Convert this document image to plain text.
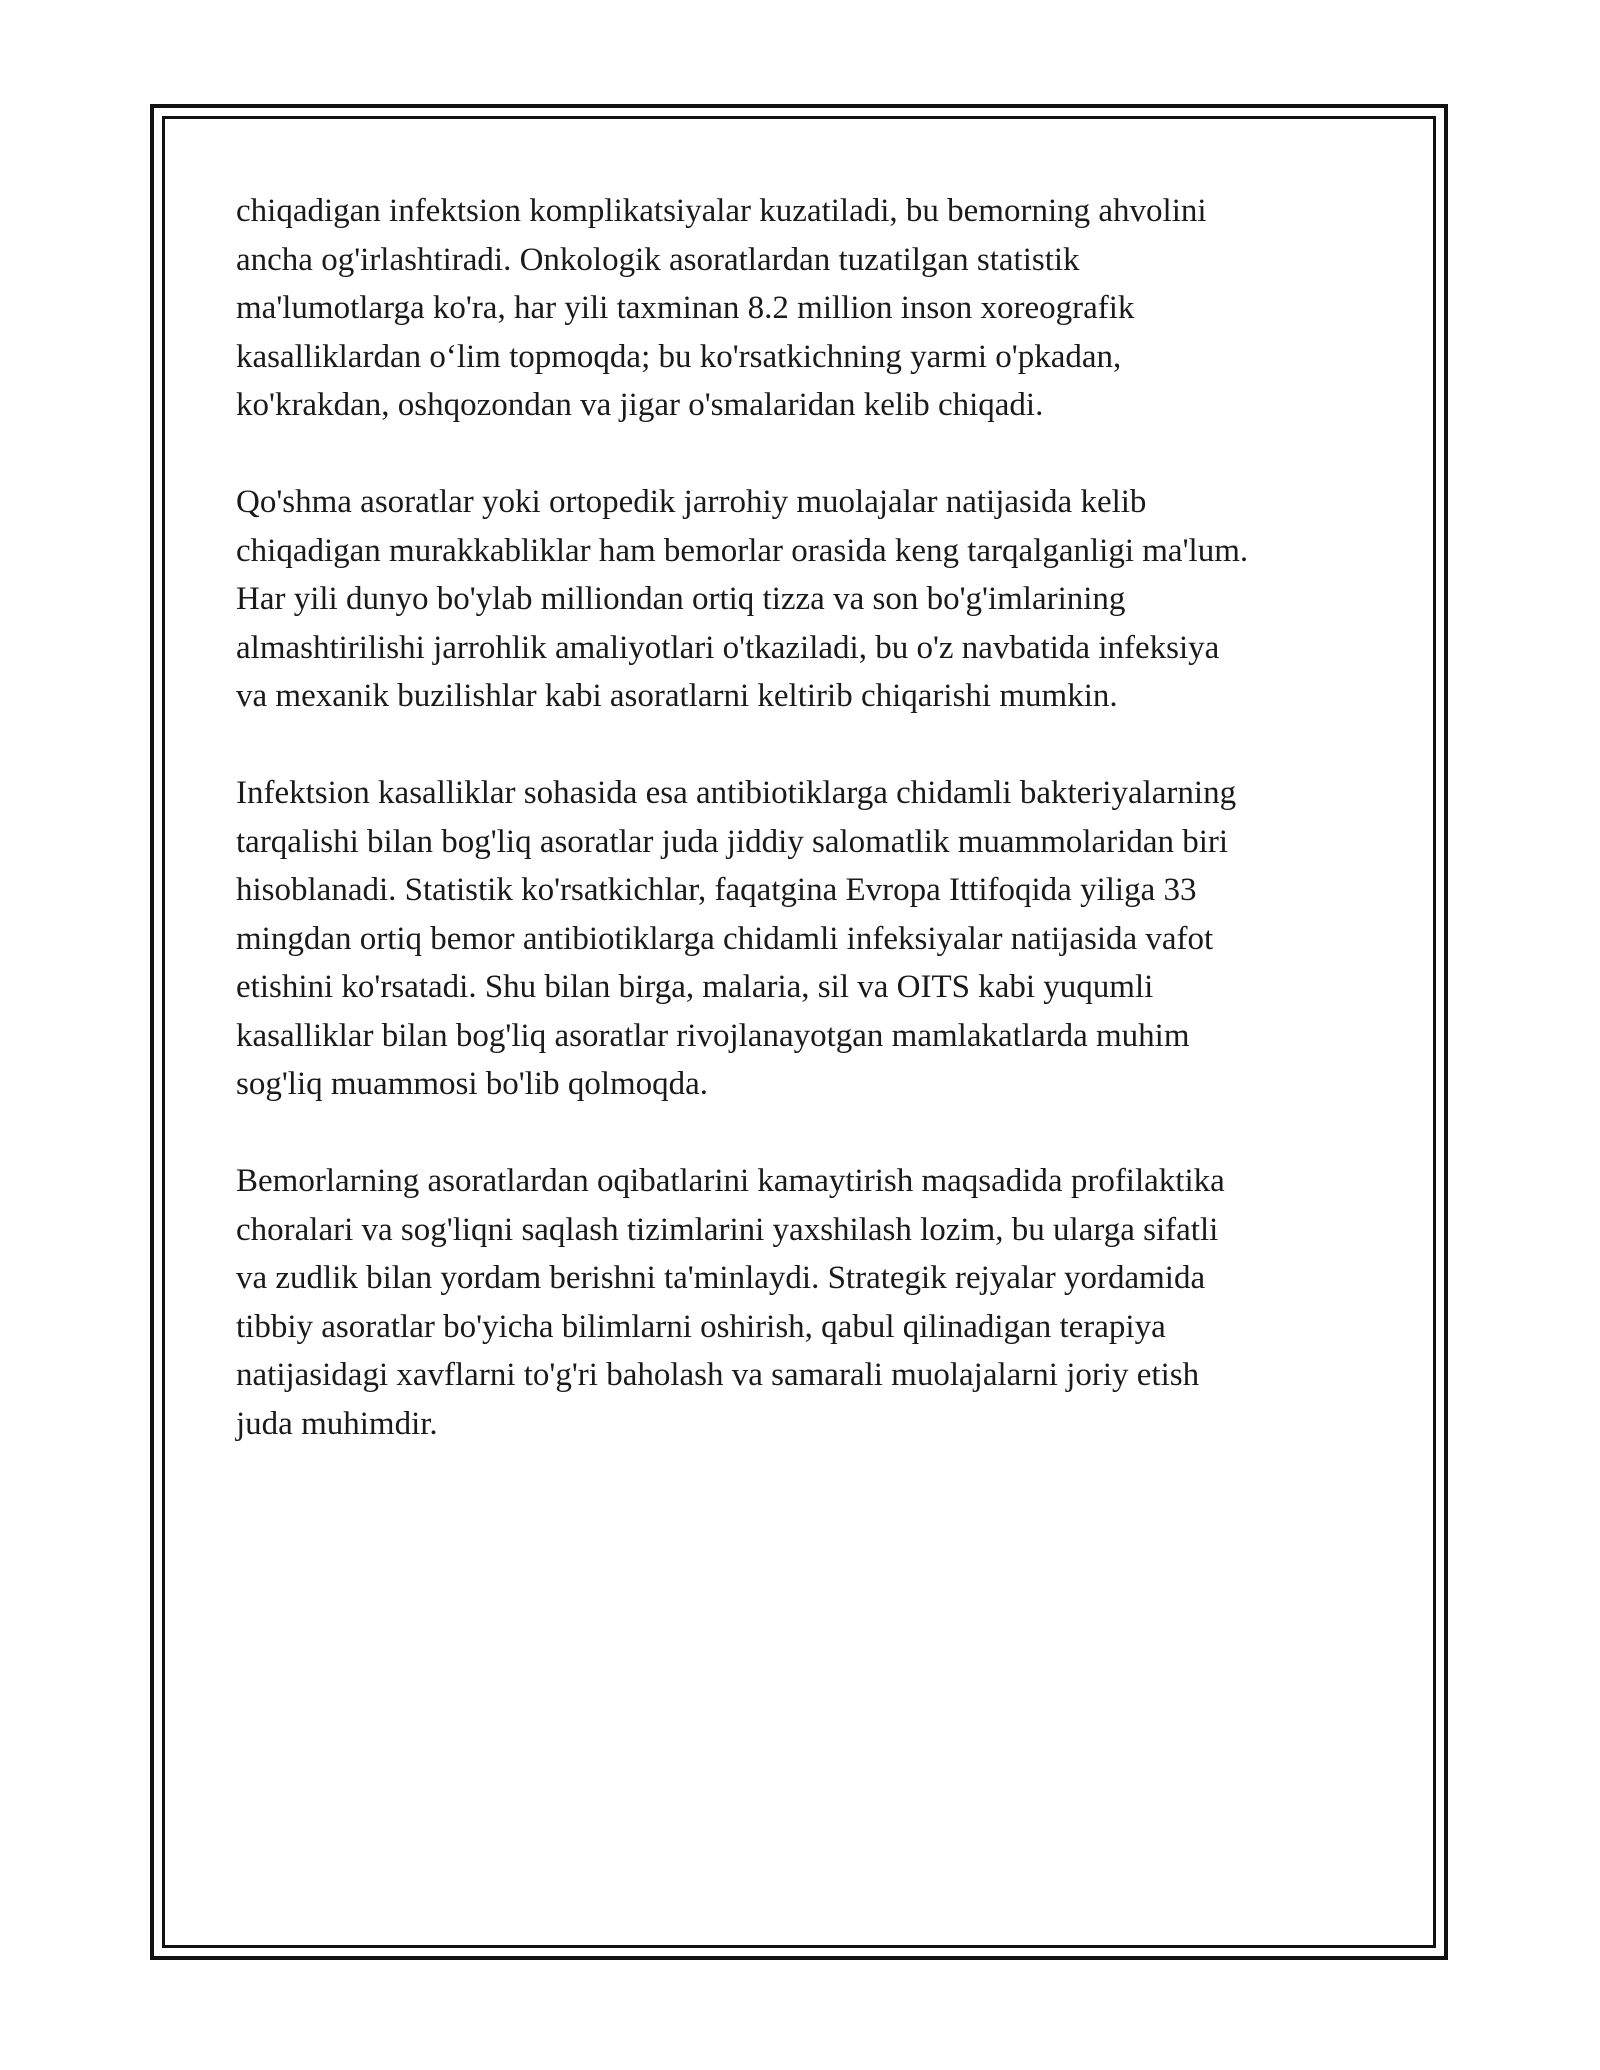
chiqadigan infektsion komplikatsiyalar kuzatiladi, bu bemorning ahvolini
ancha og'irlashtiradi. Onkologik asoratlardan tuzatilgan statistik
ma'lumotlarga ko'ra, har yili taxminan 8.2 million inson xoreografik
kasalliklardan oʻlim topmoqda; bu ko'rsatkichning yarmi o'pkadan,
ko'krakdan, oshqozondan va jigar o'smalaridan kelib chiqadi.

Qo'shma asoratlar yoki ortopedik jarrohiy muolajalar natijasida kelib
chiqadigan murakkabliklar ham bemorlar orasida keng tarqalganligi ma'lum.
Har yili dunyo bo'ylab milliondan ortiq tizza va son bo'g'imlarining
almashtirilishi jarrohlik amaliyotlari o'tkaziladi, bu o'z navbatida infeksiya
va mexanik buzilishlar kabi asoratlarni keltirib chiqarishi mumkin.

Infektsion kasalliklar sohasida esa antibiotiklarga chidamli bakteriyalarning
tarqalishi bilan bog'liq asoratlar juda jiddiy salomatlik muammolaridan biri
hisoblanadi. Statistik ko'rsatkichlar, faqatgina Evropa Ittifoqida yiliga 33
mingdan ortiq bemor antibiotiklarga chidamli infeksiyalar natijasida vafot
etishini ko'rsatadi. Shu bilan birga, malaria, sil va OITS kabi yuqumli
kasalliklar bilan bog'liq asoratlar rivojlanayotgan mamlakatlarda muhim
sog'liq muammosi bo'lib qolmoqda.

Bemorlarning asoratlardan oqibatlarini kamaytirish maqsadida profilaktika
choralari va sog'liqni saqlash tizimlarini yaxshilash lozim, bu ularga sifatli
va zudlik bilan yordam berishni ta'minlaydi. Strategik rejyalar yordamida
tibbiy asoratlar bo'yicha bilimlarni oshirish, qabul qilinadigan terapiya
natijasidagi xavflarni to'g'ri baholash va samarali muolajalarni joriy etish
juda muhimdir.
